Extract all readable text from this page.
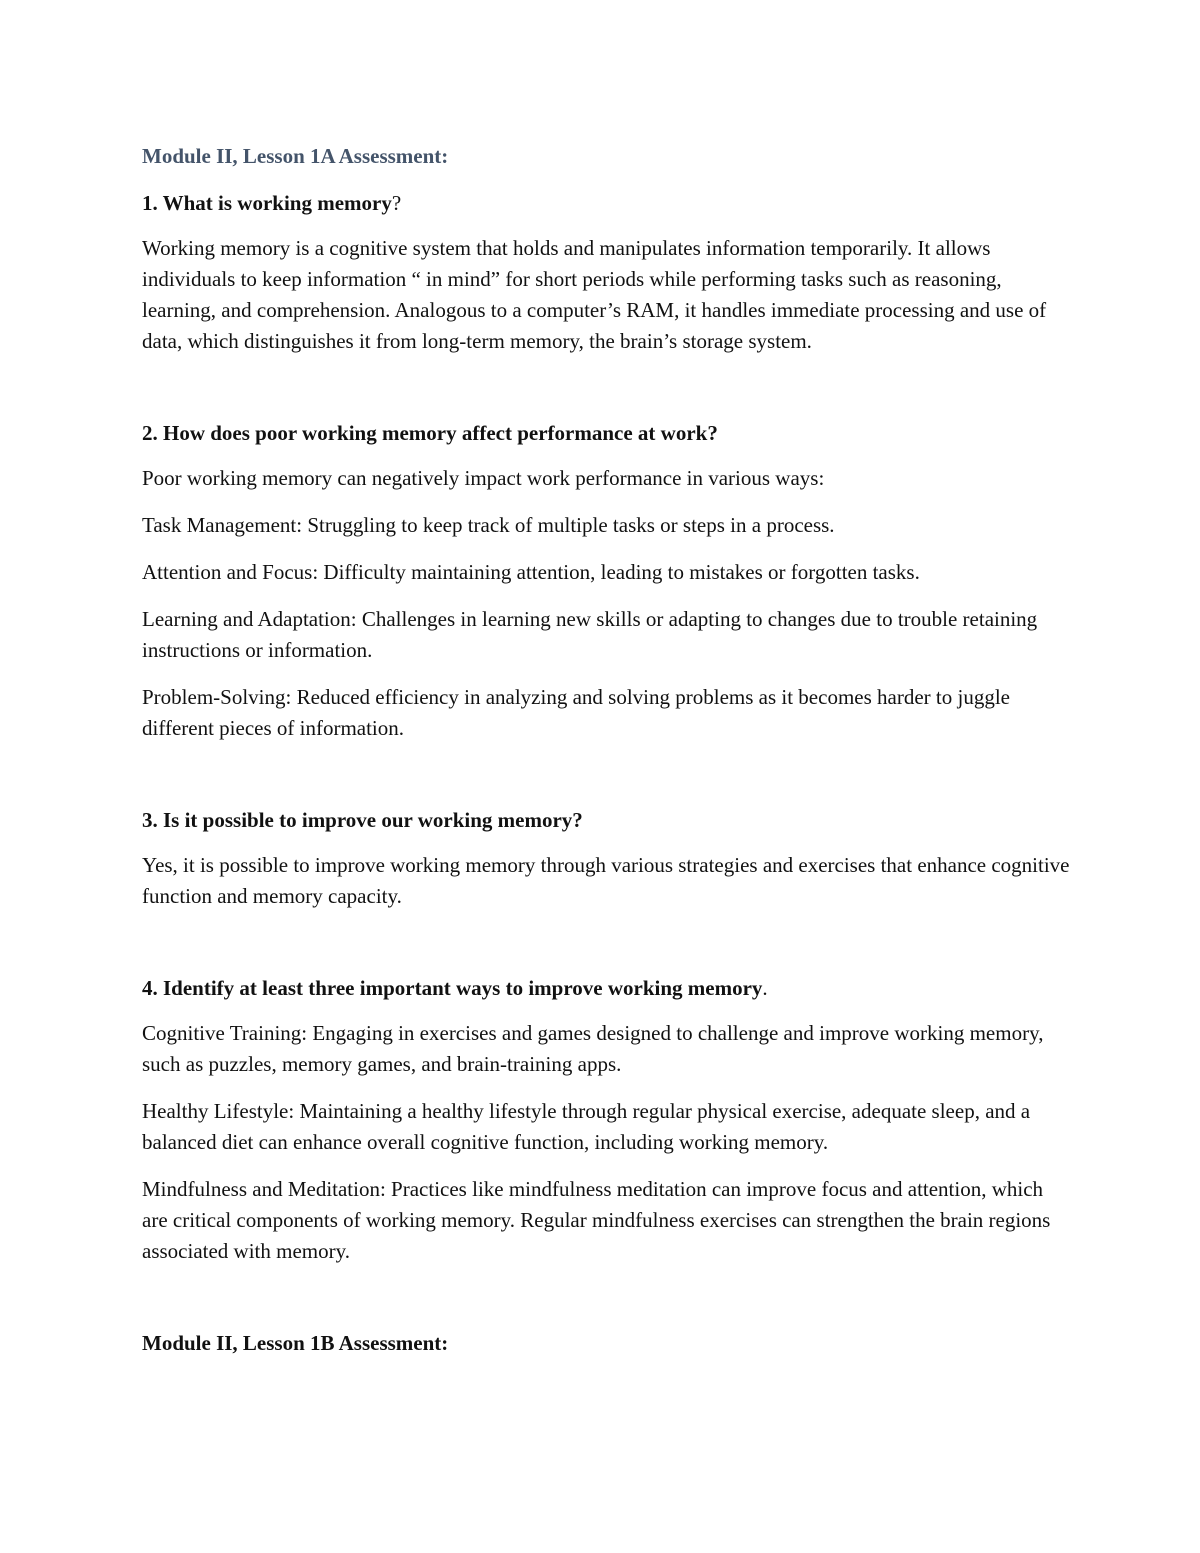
Module II, Lesson 1A Assessment:
1. What is working memory?

Working memory is a cognitive system that holds and manipulates information temporarily. It allows individuals to keep information “ in mind” for short periods while performing tasks such as reasoning, learning, and comprehension. Analogous to a computer’s RAM, it handles immediate processing and use of data, which distinguishes it from long-term memory, the brain’s storage system.

2. How does poor working memory affect performance at work?

Poor working memory can negatively impact work performance in various ways:

Task Management: Struggling to keep track of multiple tasks or steps in a process.

Attention and Focus: Difficulty maintaining attention, leading to mistakes or forgotten tasks.

Learning and Adaptation: Challenges in learning new skills or adapting to changes due to trouble retaining instructions or information.

Problem-Solving: Reduced efficiency in analyzing and solving problems as it becomes harder to juggle different pieces of information.

3. Is it possible to improve our working memory?

Yes, it is possible to improve working memory through various strategies and exercises that enhance cognitive function and memory capacity.

4. Identify at least three important ways to improve working memory.

Cognitive Training: Engaging in exercises and games designed to challenge and improve working memory, such as puzzles, memory games, and brain-training apps.

Healthy Lifestyle: Maintaining a healthy lifestyle through regular physical exercise, adequate sleep, and a balanced diet can enhance overall cognitive function, including working memory.

Mindfulness and Meditation: Practices like mindfulness meditation can improve focus and attention, which are critical components of working memory. Regular mindfulness exercises can strengthen the brain regions associated with memory.

Module II, Lesson 1B Assessment:
